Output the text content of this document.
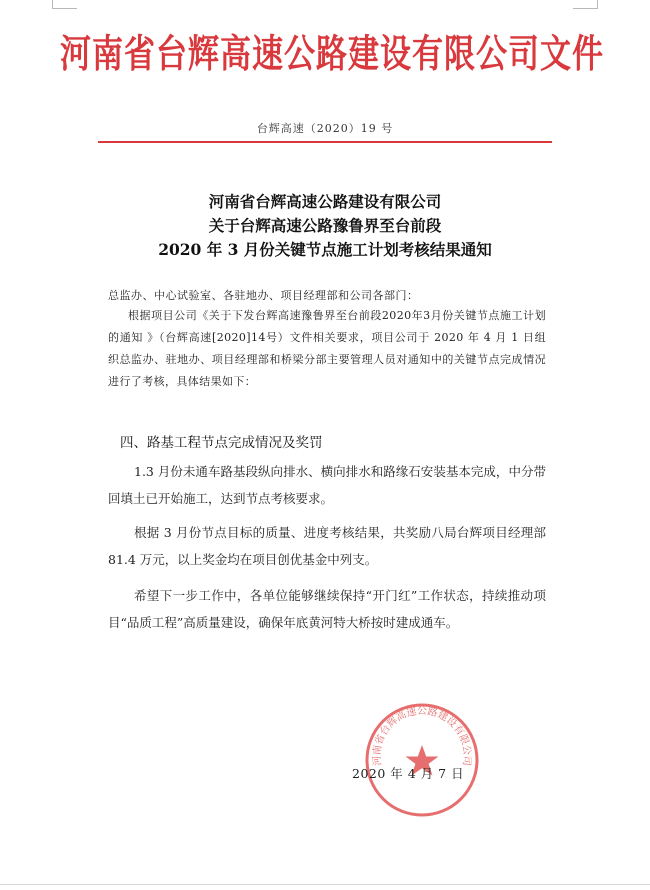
河南省台辉高速公路建设有限公司文件
台辉高速（2020）19 号
河南省台辉高速公路建设有限公司
关于台辉高速公路豫鲁界至台前段
2020 年 3 月份关键节点施工计划考核结果通知
总监办、中心试验室、各驻地办、项目经理部和公司各部门：
根据项目公司《关于下发台辉高速豫鲁界至台前段2020年3月份关键节点施工计划的通知 》（台辉高速[2020]14号）文件相关要求，项目公司于 2020 年 4 月 1 日组织总监办、驻地办、项目经理部和桥梁分部主要管理人员对通知中的关键节点完成情况进行了考核，具体结果如下：
四、路基工程节点完成情况及奖罚
1.3 月份未通车路基段纵向排水、横向排水和路缘石安装基本完成，中分带回填土已开始施工，达到节点考核要求。
根据 3 月份节点目标的质量、进度考核结果，共奖励八局台辉项目经理部 81.4 万元，以上奖金均在项目创优基金中列支。
希望下一步工作中，各单位能够继续保持“开门红”工作状态，持续推动项目“品质工程”高质量建设，确保年底黄河特大桥按时建成通车。
河南省台辉高速公路建设有限公司
2020 年 4 月 7 日
